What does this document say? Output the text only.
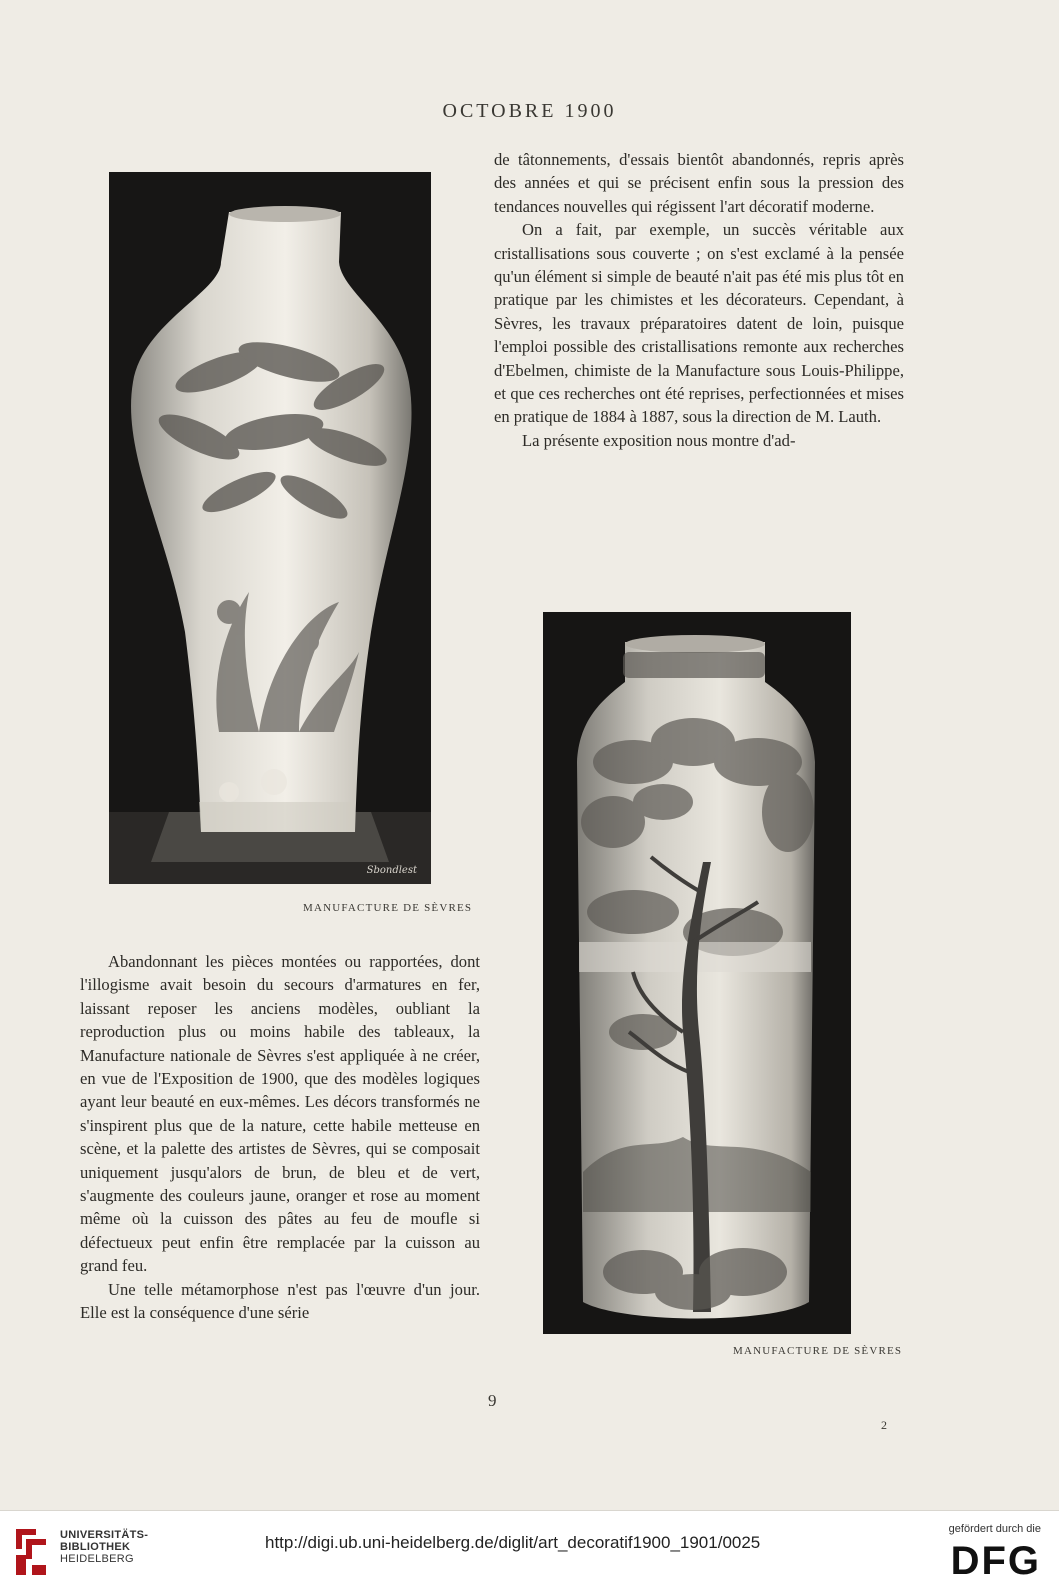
OCTOBRE 1900
Sbondlest
MANUFACTURE DE SÈVRES

de tâtonnements, d'essais bientôt abandonnés, repris après des années et qui se précisent enfin sous la pression des tendances nouvelles qui régissent l'art décoratif moderne.

On a fait, par exemple, un succès véritable aux cristallisations sous couverte ; on s'est exclamé à la pensée qu'un élément si simple de beauté n'ait pas été mis plus tôt en pratique par les chimistes et les décorateurs. Cependant, à Sèvres, les travaux préparatoires datent de loin, puisque l'emploi possible des cristallisations remonte aux recherches d'Ebelmen, chimiste de la Manufacture sous Louis-Philippe, et que ces recherches ont été reprises, perfectionnées et mises en pratique de 1884 à 1887, sous la direction de M. Lauth.

La présente exposition nous montre d'ad-

MANUFACTURE DE SÈVRES

Abandonnant les pièces montées ou rapportées, dont l'illogisme avait besoin du secours d'armatures en fer, laissant reposer les anciens modèles, oubliant la reproduction plus ou moins habile des tableaux, la Manufacture nationale de Sèvres s'est appliquée à ne créer, en vue de l'Exposition de 1900, que des modèles logiques ayant leur beauté en eux-mêmes. Les décors transformés ne s'inspirent plus que de la nature, cette habile metteuse en scène, et la palette des artistes de Sèvres, qui se composait uniquement jusqu'alors de brun, de bleu et de vert, s'augmente des couleurs jaune, oranger et rose au moment même où la cuisson des pâtes au feu de moufle si défectueux peut enfin être remplacée par la cuisson au grand feu.

Une telle métamorphose n'est pas l'œuvre d'un jour. Elle est la conséquence d'une série

9
2
UNIVERSITÄTS-
BIBLIOTHEK
HEIDELBERG
http://digi.ub.uni-heidelberg.de/diglit/art_decoratif1900_1901/0025
gefördert durch die
DFG
